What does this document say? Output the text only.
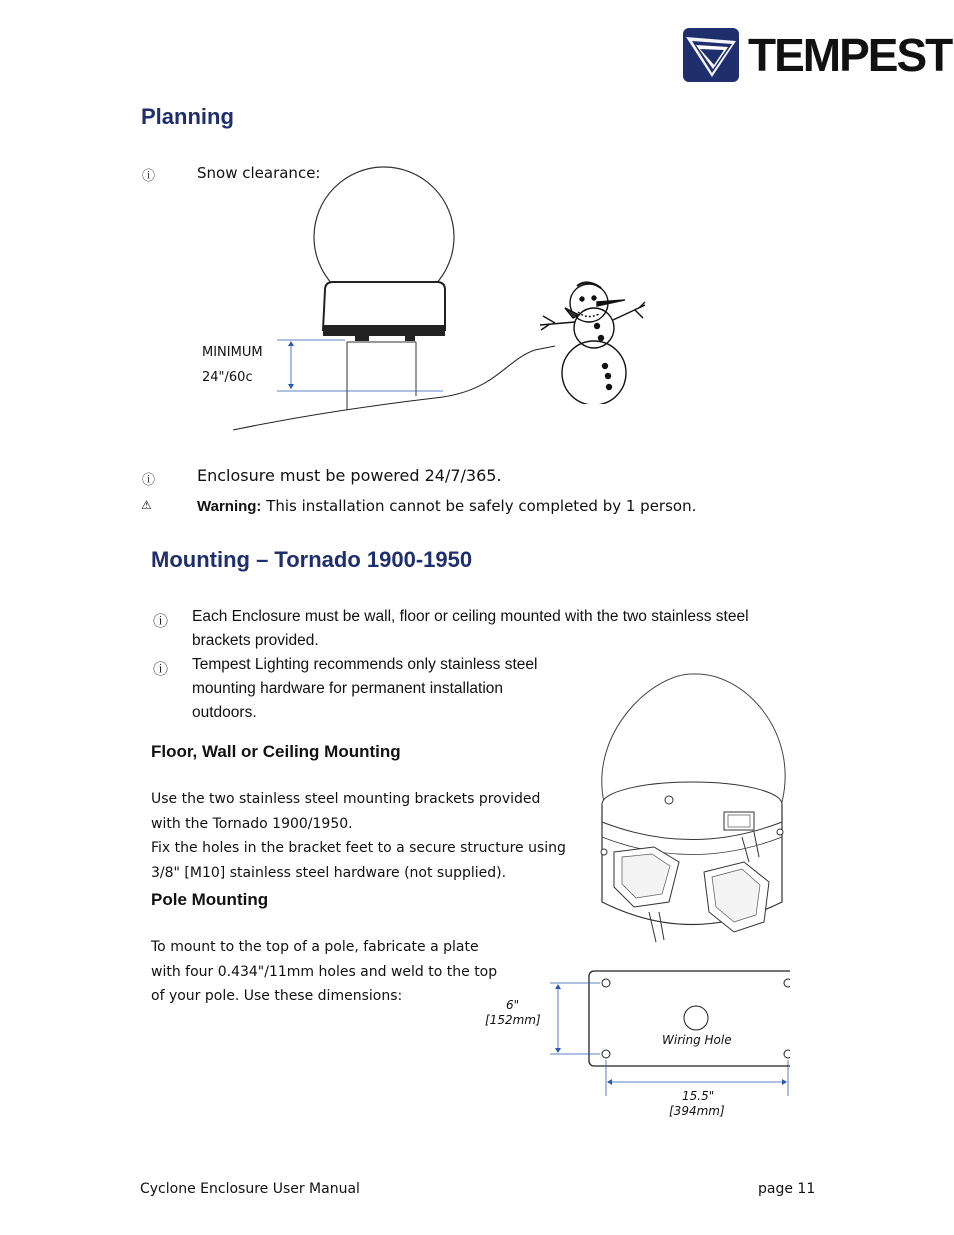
TEMPEST
Planning
ⓘ	Snow clearance:
MINIMUM
24"/60c
ⓘ	Enclosure must be powered 24/7/365.
⚠	Warning: This installation cannot be safely completed by 1 person.
Mounting – Tornado 1900-1950
ⓘ Each Enclosure must be wall, floor or ceiling mounted with the two stainless steel
brackets provided.
ⓘ Tempest Lighting recommends only stainless steel
mounting hardware for permanent installation
outdoors.
Floor, Wall or Ceiling Mounting
Use the two stainless steel mounting brackets provided
with the Tornado 1900/1950.
Fix the holes in the bracket feet to a secure structure using
3/8" [M10] stainless steel hardware (not supplied).
Pole Mounting
To mount to the top of a pole, fabricate a plate
with four 0.434"/11mm holes and weld to the top
of your pole. Use these dimensions:
6"
[152mm]
Wiring Hole
15.5"
[394mm]
Cyclone Enclosure User Manual	page 11
